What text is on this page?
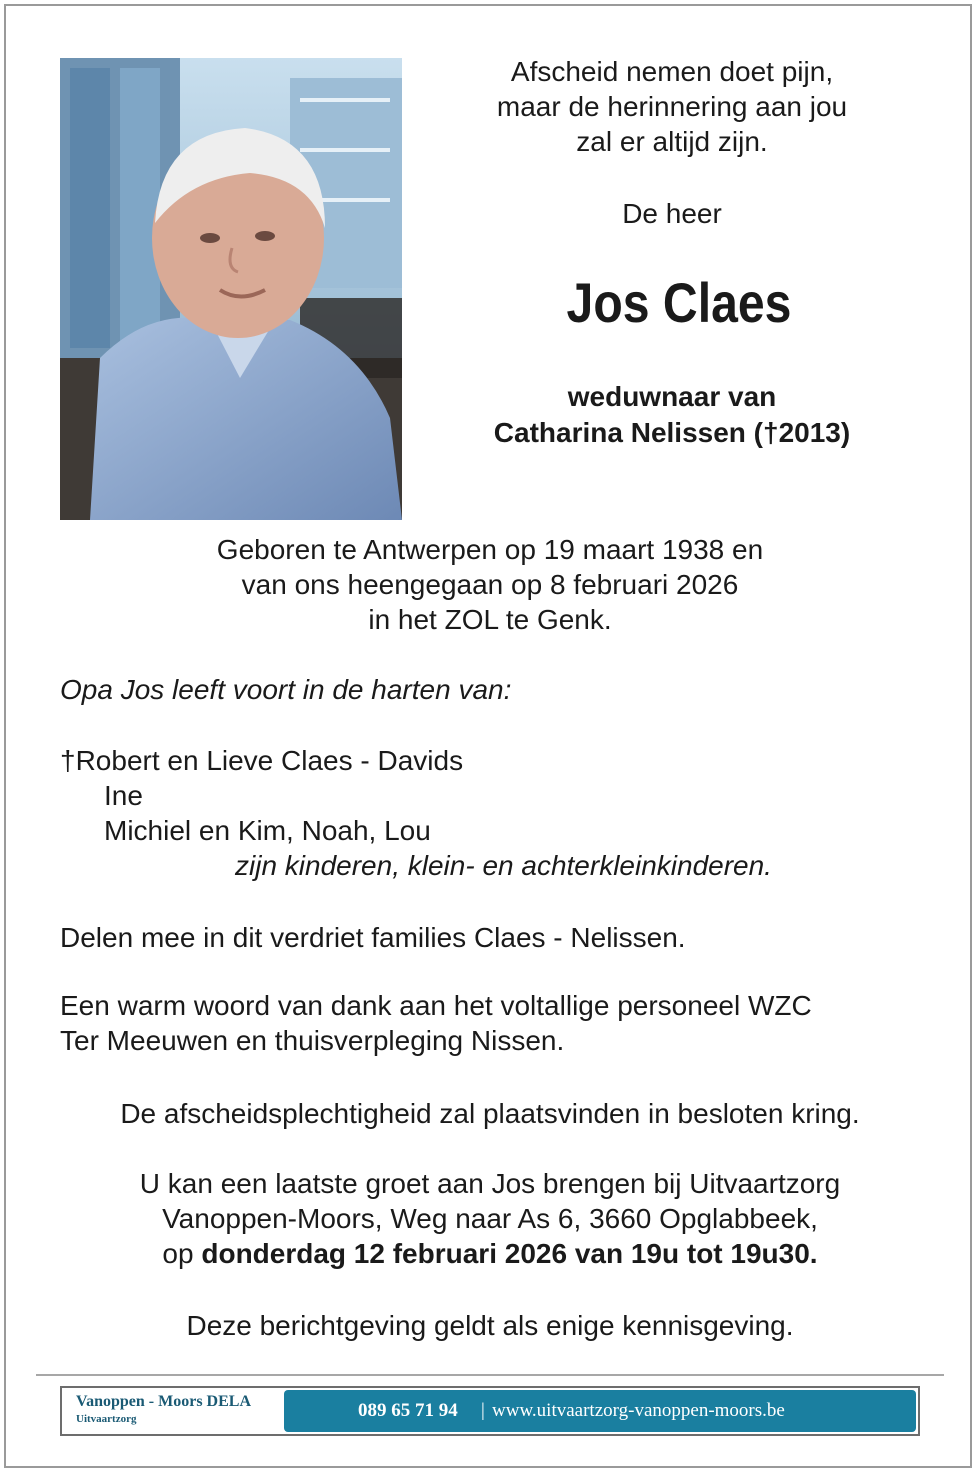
Afscheid nemen doet pijn,
maar de herinnering aan jou
zal er altijd zijn.
De heer
Jos Claes
weduwnaar van
Catharina Nelissen (†2013)
Geboren te Antwerpen op 19 maart 1938 en
van ons heengegaan op 8 februari 2026
in het ZOL te Genk.
Opa Jos leeft voort in de harten van:
†Robert en Lieve Claes - Davids
Ine
Michiel en Kim, Noah, Lou
zijn kinderen, klein- en achterkleinkinderen.
Delen mee in dit verdriet families Claes - Nelissen.
Een warm woord van dank aan het voltallige personeel WZC
Ter Meeuwen en thuisverpleging Nissen.
De afscheidsplechtigheid zal plaatsvinden in besloten kring.
U kan een laatste groet aan Jos brengen bij Uitvaartzorg
Vanoppen-Moors, Weg naar As 6, 3660 Opglabbeek,
op donderdag 12 februari 2026 van 19u tot 19u30.
Deze berichtgeving geldt als enige kennisgeving.
Vanoppen - Moors DELA
Uitvaartzorg	089 65 71 94 | www.uitvaartzorg-vanoppen-moors.be
